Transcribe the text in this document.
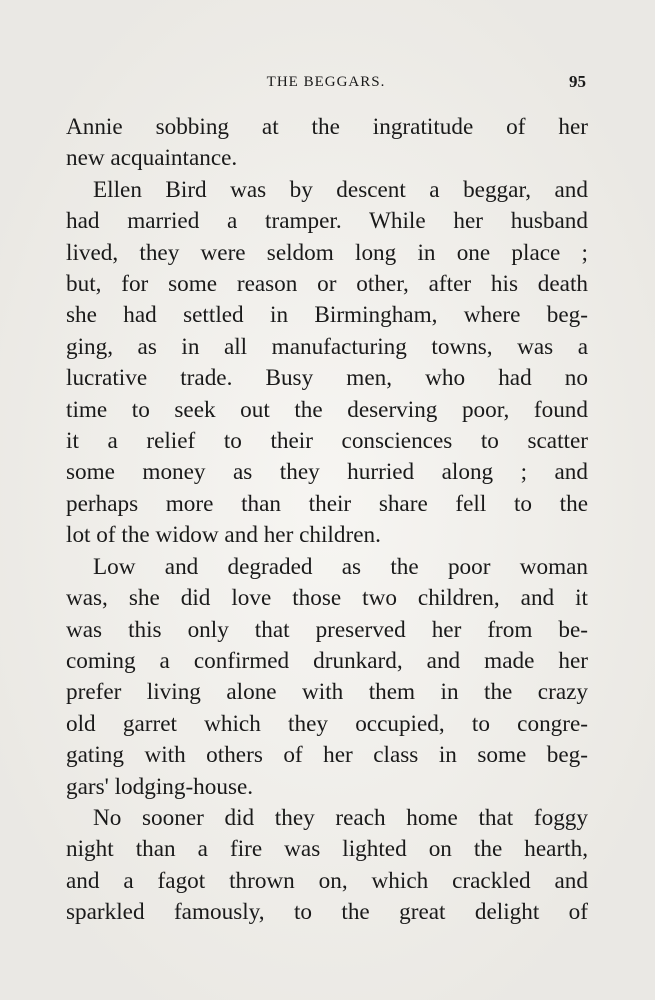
THE BEGGARS.	95
Annie sobbing at the ingratitude of her
new acquaintance.
Ellen Bird was by descent a beggar, and
had married a tramper. While her husband
lived, they were seldom long in one place ;
but, for some reason or other, after his death
she had settled in Birmingham, where beg-
ging, as in all manufacturing towns, was a
lucrative trade. Busy men, who had no
time to seek out the deserving poor, found
it a relief to their consciences to scatter
some money as they hurried along ; and
perhaps more than their share fell to the
lot of the widow and her children.
Low and degraded as the poor woman
was, she did love those two children, and it
was this only that preserved her from be-
coming a confirmed drunkard, and made her
prefer living alone with them in the crazy
old garret which they occupied, to congre-
gating with others of her class in some beg-
gars' lodging-house.
No sooner did they reach home that foggy
night than a fire was lighted on the hearth,
and a fagot thrown on, which crackled and
sparkled famously, to the great delight of
